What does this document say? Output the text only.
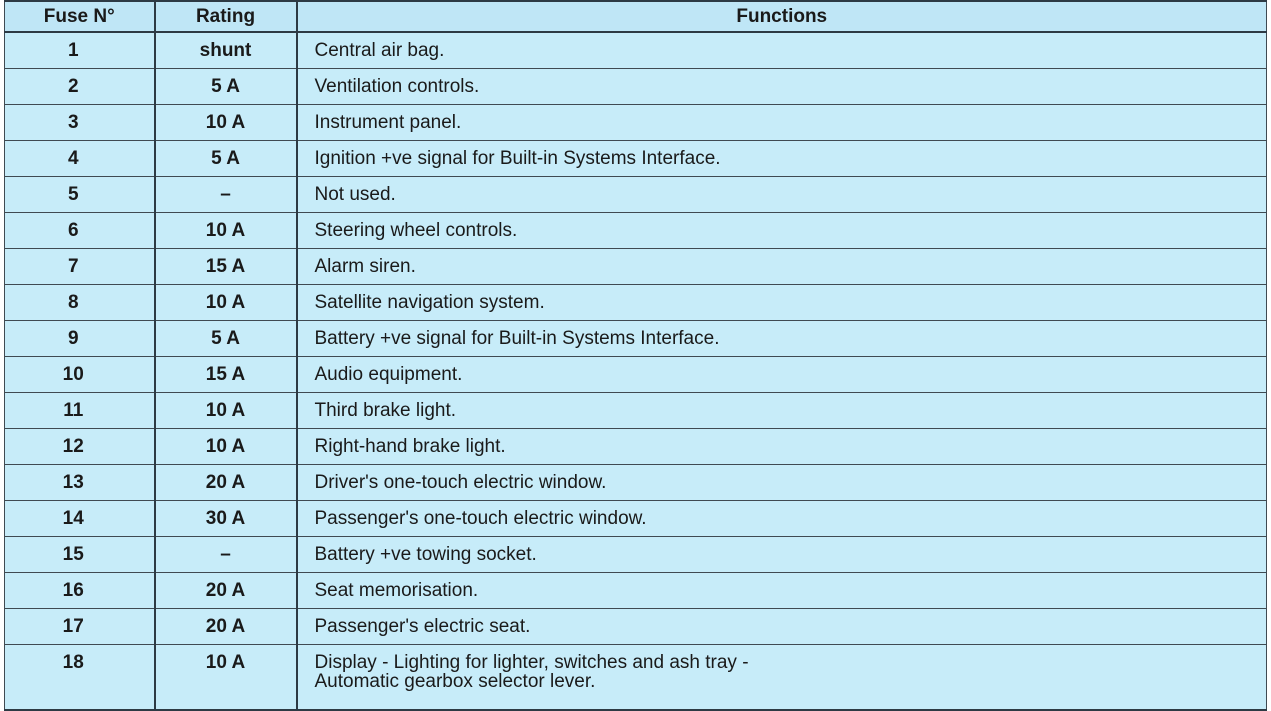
Fuse N°	Rating	Functions
1	shunt	Central air bag.
2	5 A	Ventilation controls.
3	10 A	Instrument panel.
4	5 A	Ignition +ve signal for Built-in Systems Interface.
5	–	Not used.
6	10 A	Steering wheel controls.
7	15 A	Alarm siren.
8	10 A	Satellite navigation system.
9	5 A	Battery +ve signal for Built-in Systems Interface.
10	15 A	Audio equipment.
11	10 A	Third brake light.
12	10 A	Right-hand brake light.
13	20 A	Driver's one-touch electric window.
14	30 A	Passenger's one-touch electric window.
15	–	Battery +ve towing socket.
16	20 A	Seat memorisation.
17	20 A	Passenger's electric seat.
18	10 A	Display - Lighting for lighter, switches and ash tray -
Automatic gearbox selector lever.
